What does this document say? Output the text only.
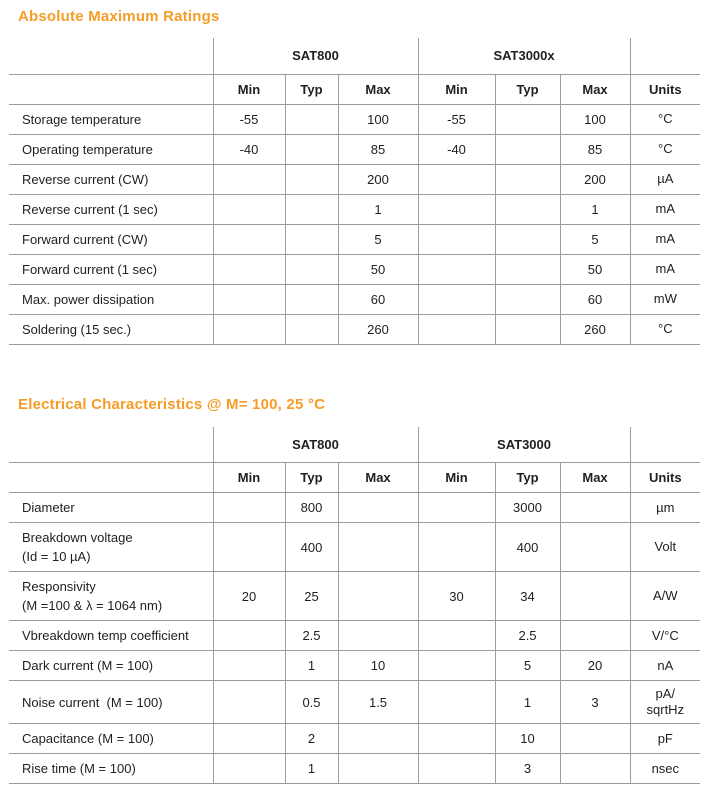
Absolute Maximum Ratings
	SAT800			SAT3000x			
	Min	Typ	Max	Min	Typ	Max	Units

Storage temperature	-55		100	-55		100	°C

Operating temperature	-40		85	-40		85	°C

Reverse current (CW)			200			200	µA

Reverse current (1 sec)			1			1	mA

Forward current (CW)			5			5	mA

Forward current (1 sec)			50			50	mA

Max. power dissipation			60			60	mW

Soldering (15 sec.)			260			260	°C
Electrical Characteristics @ M= 100, 25 °C
	SAT800			SAT3000			
	Min	Typ	Max	Min	Typ	Max	Units

Diameter		800			3000		µm

Breakdown voltage
(Id = 10 µA)		400			400		Volt

Responsivity
(M =100 & λ = 1064 nm)	20	25		30	34		A/W

Vbreakdown temp coefficient		2.5			2.5		V/°C

Dark current (M = 100)		1	10		5	20	nA

Noise current  (M = 100)		0.5	1.5		1	3	pA/
sqrtHz

Capacitance (M = 100)		2			10		pF

Rise time (M = 100)		1			3		nsec
